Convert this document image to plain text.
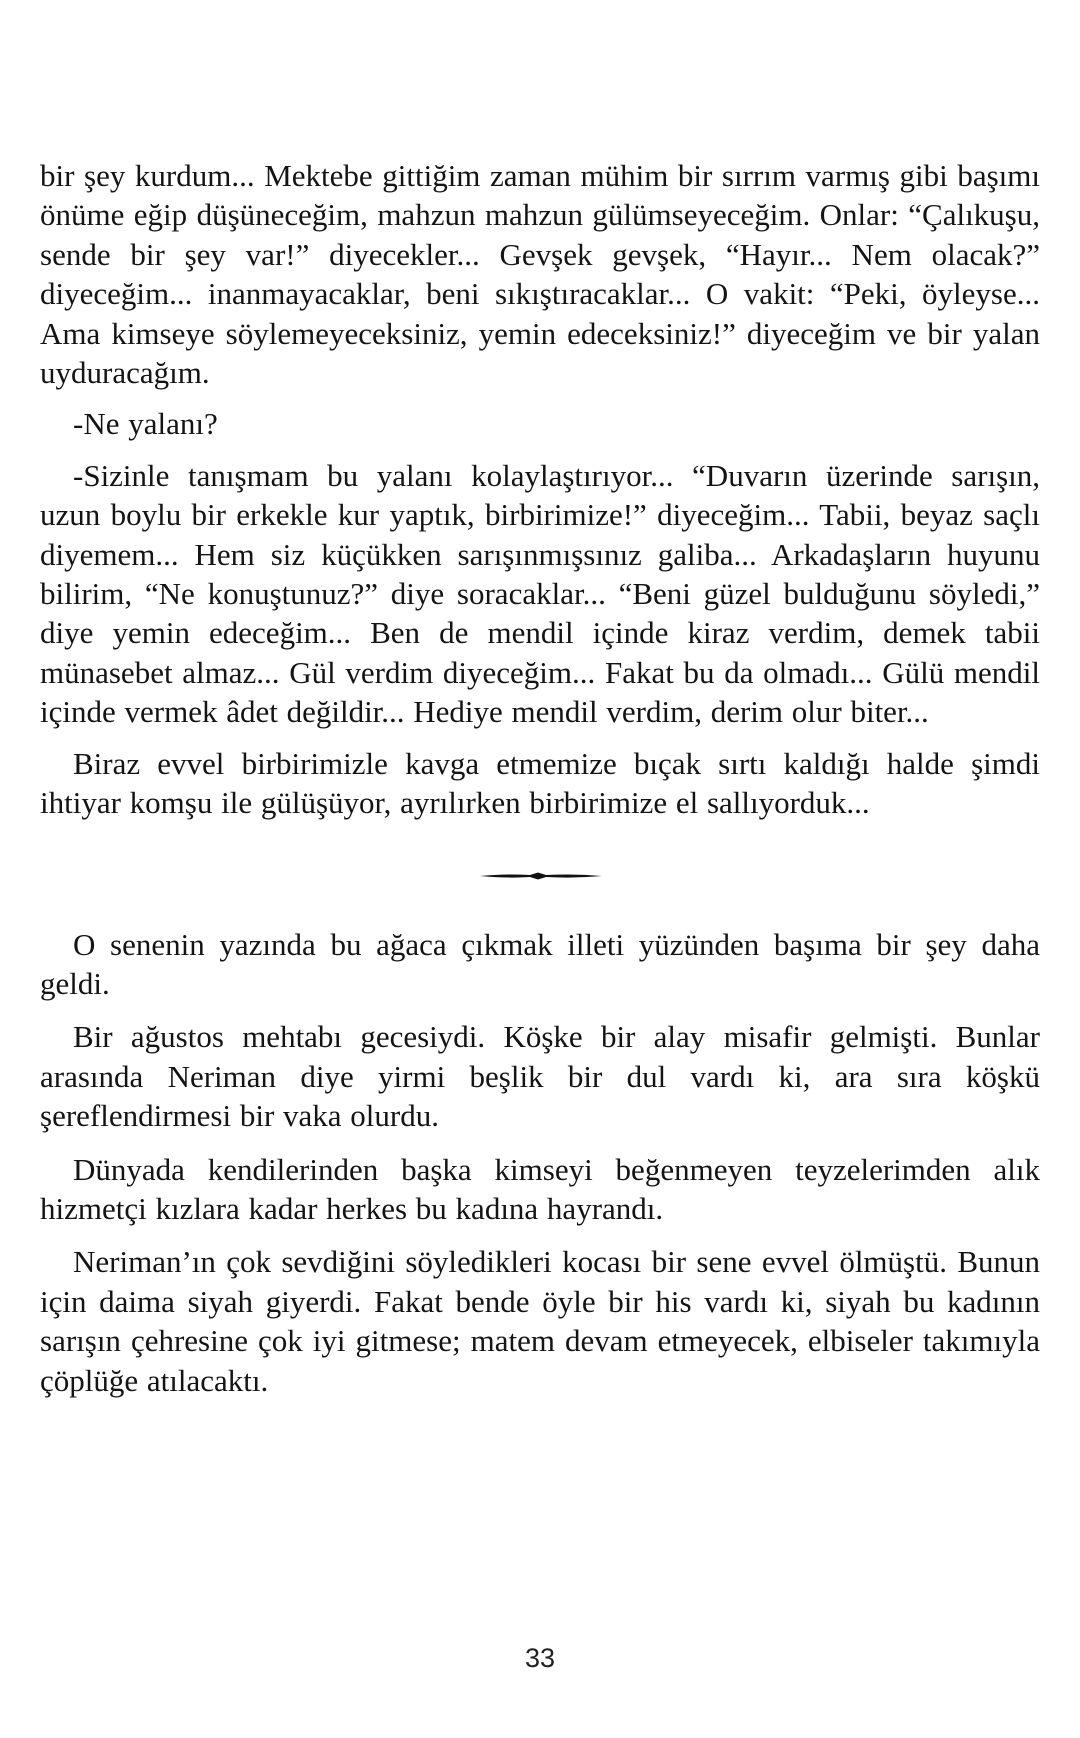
bir şey kurdum... Mektebe gittiğim zaman mühim bir sırrım varmış gibi başımı önüme eğip düşüneceğim, mahzun mahzun gülümseyeceğim. Onlar: “Çalıkuşu, sende bir şey var!” diyecekler... Gevşek gevşek, “Hayır... Nem olacak?” diyeceğim... inanmayacaklar, beni sıkıştıracaklar... O vakit: “Peki, öyleyse... Ama kimseye söylemeyeceksiniz, yemin edeceksiniz!” diyeceğim ve bir yalan uyduracağım.

-Ne yalanı?

-Sizinle tanışmam bu yalanı kolaylaştırıyor... “Duvarın üzerinde sarışın, uzun boylu bir erkekle kur yaptık, birbirimize!” diyeceğim... Tabii, beyaz saçlı diyemem... Hem siz küçükken sarışınmışsınız galiba... Arkadaşların huyunu bilirim, “Ne konuştunuz?” diye soracaklar... “Beni güzel bulduğunu söyledi,” diye yemin edeceğim... Ben de mendil içinde kiraz verdim, demek tabii münasebet almaz... Gül verdim diyeceğim... Fakat bu da olmadı... Gülü mendil içinde vermek âdet değildir... Hediye mendil verdim, derim olur biter...

Biraz evvel birbirimizle kavga etmemize bıçak sırtı kaldığı halde şimdi ihtiyar komşu ile gülüşüyor, ayrılırken birbirimize el sallıyorduk...

O senenin yazında bu ağaca çıkmak illeti yüzünden başıma bir şey daha geldi.

Bir ağustos mehtabı gecesiydi. Köşke bir alay misafir gelmişti. Bunlar arasında Neriman diye yirmi beşlik bir dul vardı ki, ara sıra köşkü şereflendirmesi bir vaka olurdu.

Dünyada kendilerinden başka kimseyi beğenmeyen teyzelerimden alık hizmetçi kızlara kadar herkes bu kadına hayrandı.

Neriman’ın çok sevdiğini söyledikleri kocası bir sene evvel ölmüştü. Bunun için daima siyah giyerdi. Fakat bende öyle bir his vardı ki, siyah bu kadının sarışın çehresine çok iyi gitmese; matem devam etmeyecek, elbiseler takımıyla çöplüğe atılacaktı.

33
